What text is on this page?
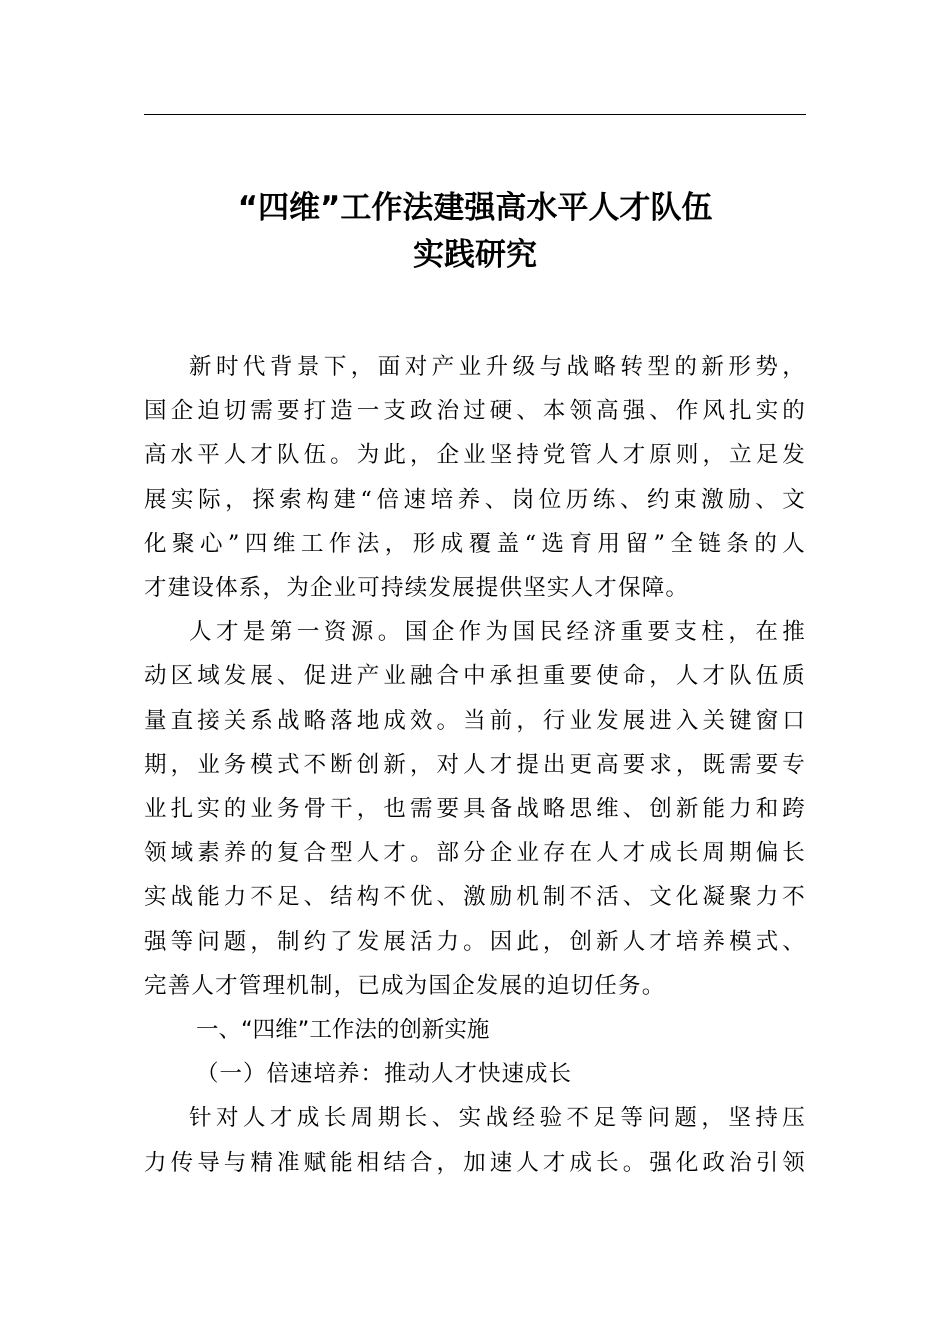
“四维”工作法建强高水平人才队伍
实践研究
新时代背景下，面对产业升级与战略转型的新形势，
国企迫切需要打造一支政治过硬、本领高强、作风扎实的
高水平人才队伍。为此，企业坚持党管人才原则，立足发
展实际，探索构建“倍速培养、岗位历练、约束激励、文
化聚心”四维工作法，形成覆盖“选育用留”全链条的人
才建设体系，为企业可持续发展提供坚实人才保障。
人才是第一资源。国企作为国民经济重要支柱，在推
动区域发展、促进产业融合中承担重要使命，人才队伍质
量直接关系战略落地成效。当前，行业发展进入关键窗口
期，业务模式不断创新，对人才提出更高要求，既需要专
业扎实的业务骨干，也需要具备战略思维、创新能力和跨
领域素养的复合型人才。部分企业存在人才成长周期偏长
实战能力不足、结构不优、激励机制不活、文化凝聚力不
强等问题，制约了发展活力。因此，创新人才培养模式、
完善人才管理机制，已成为国企发展的迫切任务。
一、“四维”工作法的创新实施
（一）倍速培养：推动人才快速成长
针对人才成长周期长、实战经验不足等问题，坚持压
力传导与精准赋能相结合，加速人才成长。强化政治引领
